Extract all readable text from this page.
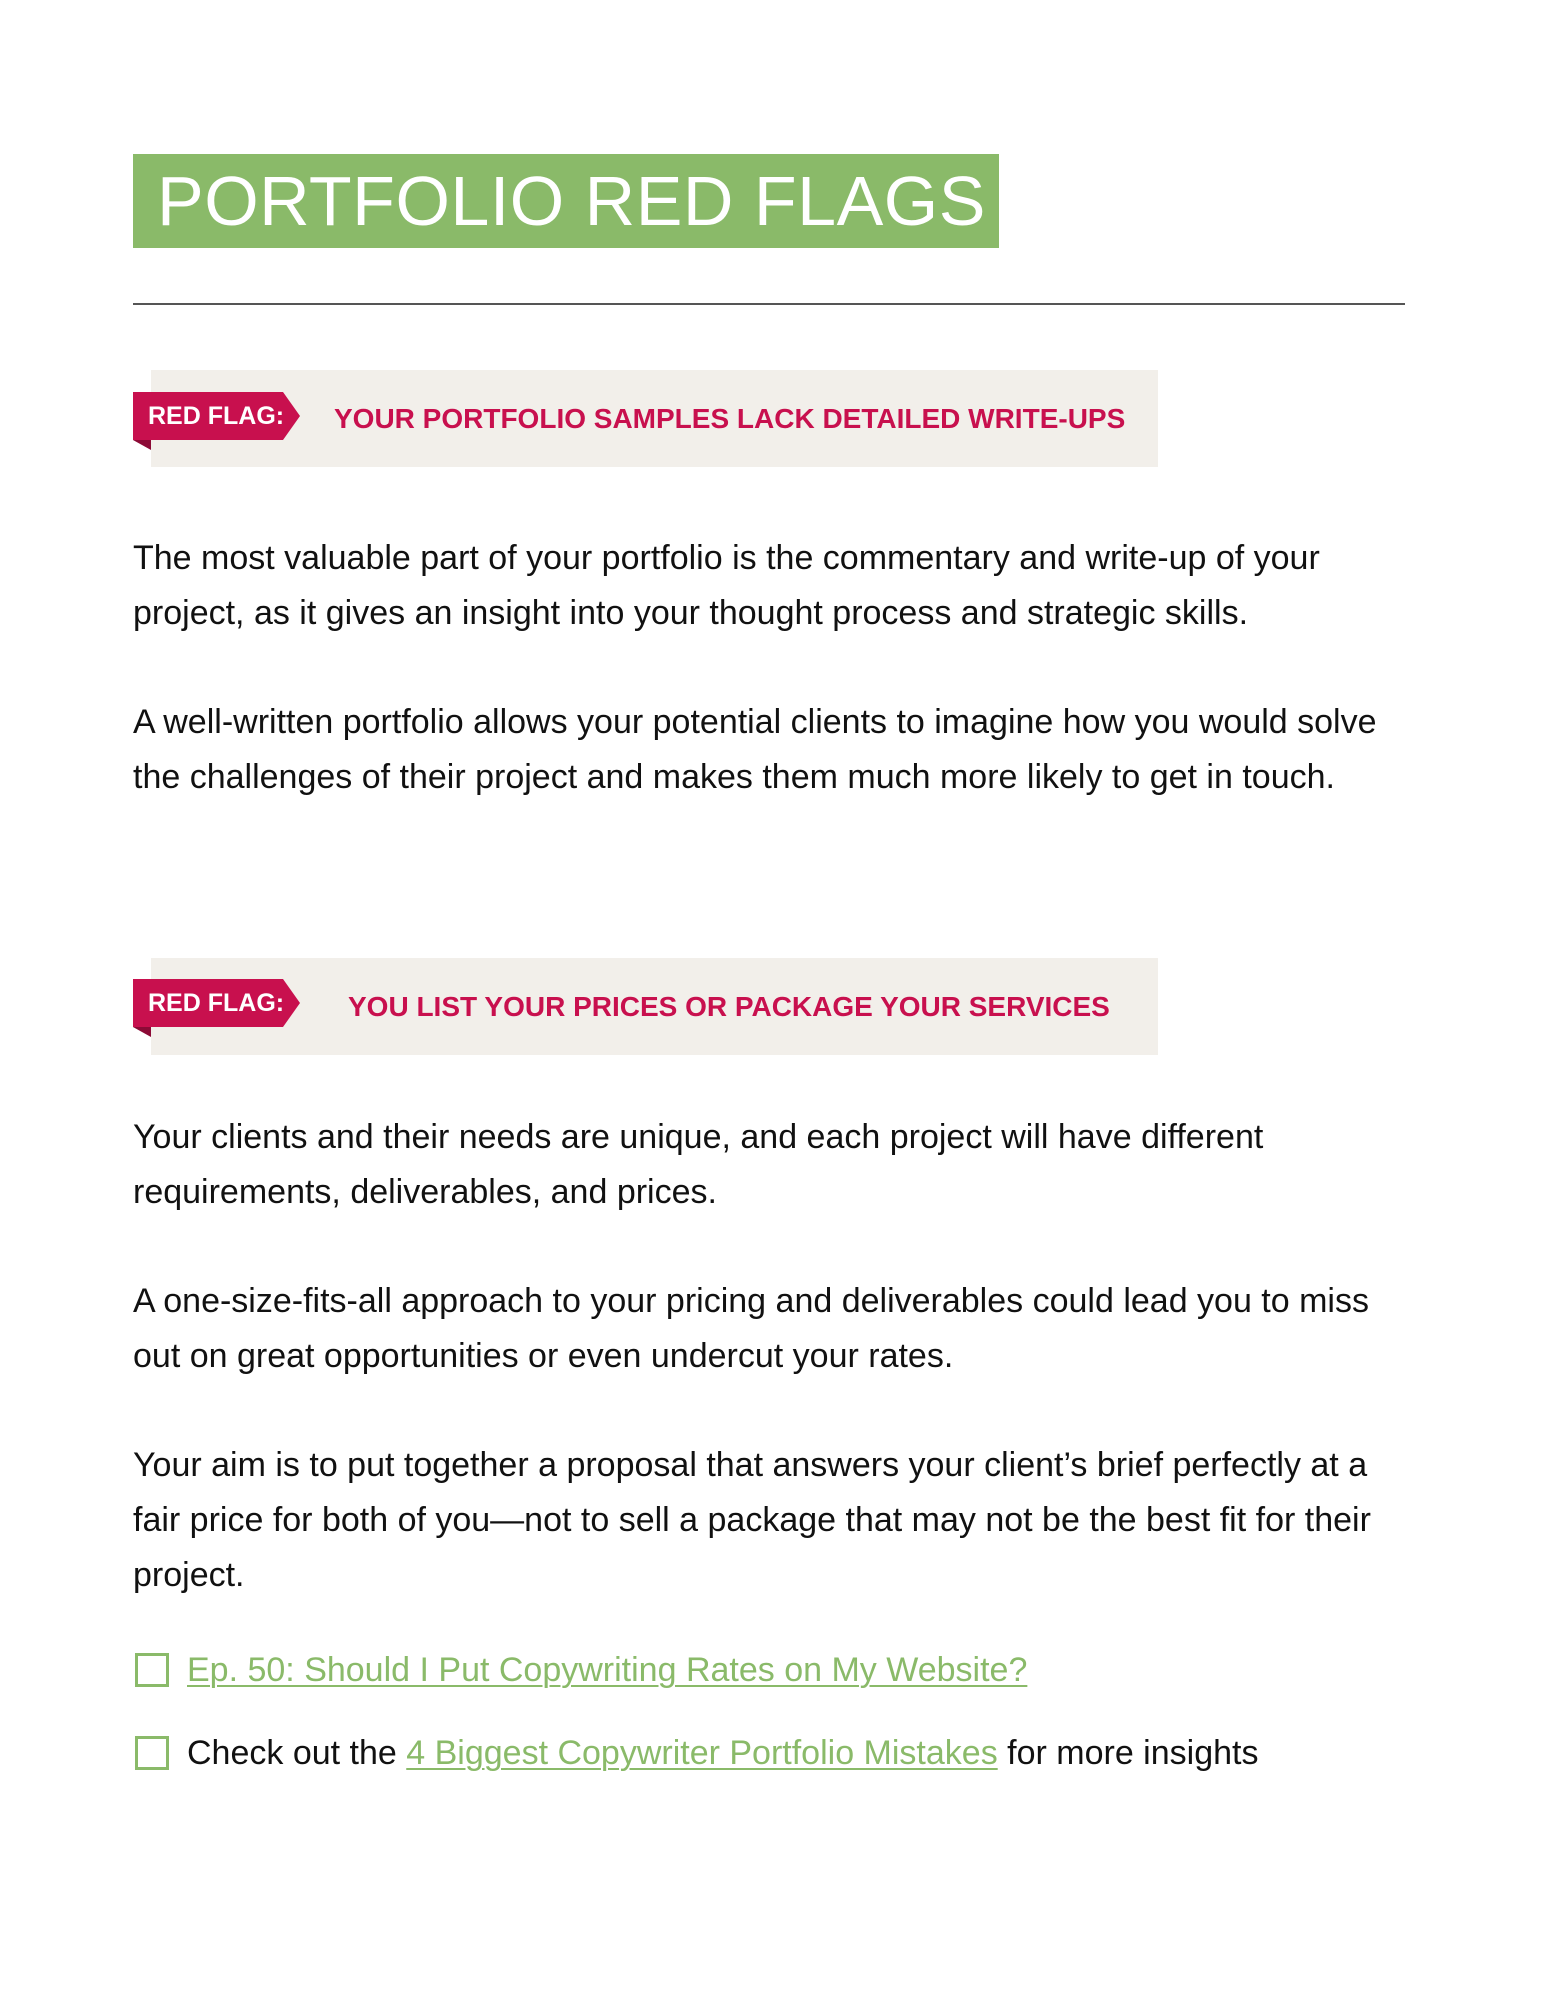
PORTFOLIO RED FLAGS
RED FLAG: YOUR PORTFOLIO SAMPLES LACK DETAILED WRITE-UPS
The most valuable part of your portfolio is the commentary and write-up of your project, as it gives an insight into your thought process and strategic skills.
A well-written portfolio allows your potential clients to imagine how you would solve the challenges of their project and makes them much more likely to get in touch.
RED FLAG: YOU LIST YOUR PRICES OR PACKAGE YOUR SERVICES
Your clients and their needs are unique, and each project will have different requirements, deliverables, and prices.
A one-size-fits-all approach to your pricing and deliverables could lead you to miss out on great opportunities or even undercut your rates.
Your aim is to put together a proposal that answers your client’s brief perfectly at a fair price for both of you—not to sell a package that may not be the best fit for their project.
Ep. 50: Should I Put Copywriting Rates on My Website?
Check out the 4 Biggest Copywriter Portfolio Mistakes for more insights
